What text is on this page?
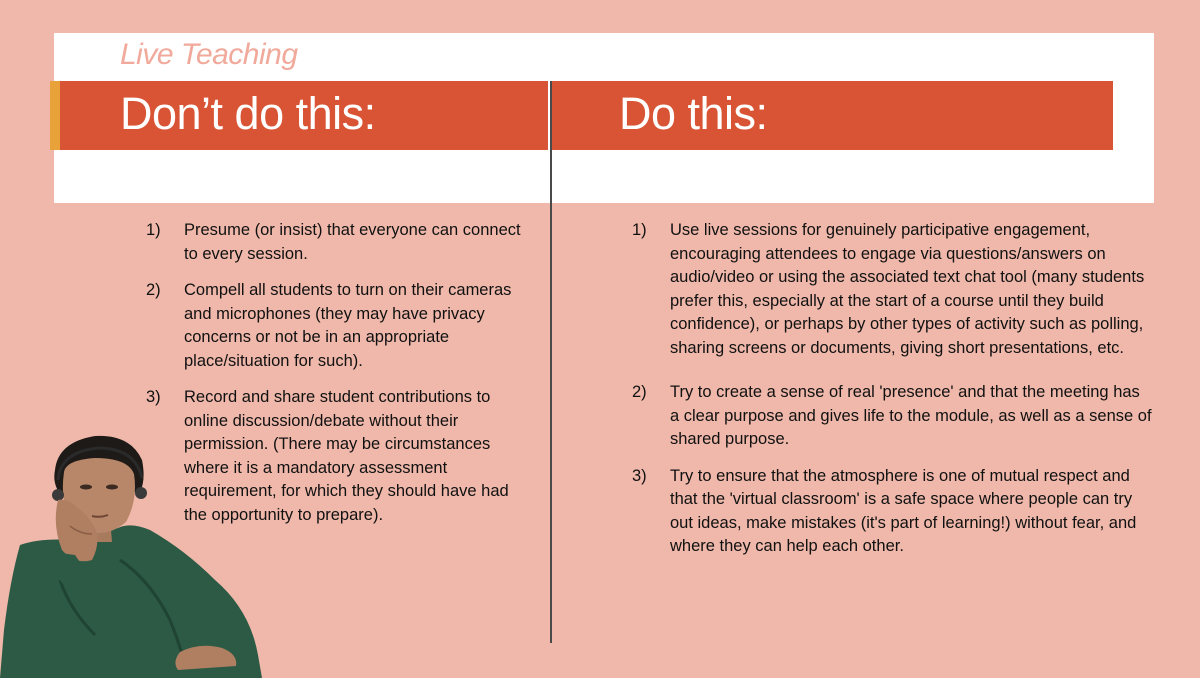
Live Teaching
Don’t do this:	Do this:
1) Presume (or insist) that everyone can connect to every session.
2) Compell all students to turn on their cameras and microphones (they may have privacy concerns or not be in an appropriate place/situation for such).
3) Record and share student contributions to online discussion/debate without their permission. (There may be circumstances where it is a mandatory assessment requirement, for which they should have had the opportunity to prepare).
1) Use live sessions for genuinely participative engagement, encouraging attendees to engage via questions/answers on audio/video or using the associated text chat tool (many students prefer this, especially at the start of a course until they build confidence), or perhaps by other types of activity such as polling, sharing screens or documents, giving short presentations, etc.
2) Try to create a sense of real 'presence' and that the meeting has a clear purpose and gives life to the module, as well as a sense of shared purpose.
3) Try to ensure that the atmosphere is one of mutual respect and that the 'virtual classroom' is a safe space where people can try out ideas, make mistakes (it's part of learning!) without fear, and where they can help each other.
